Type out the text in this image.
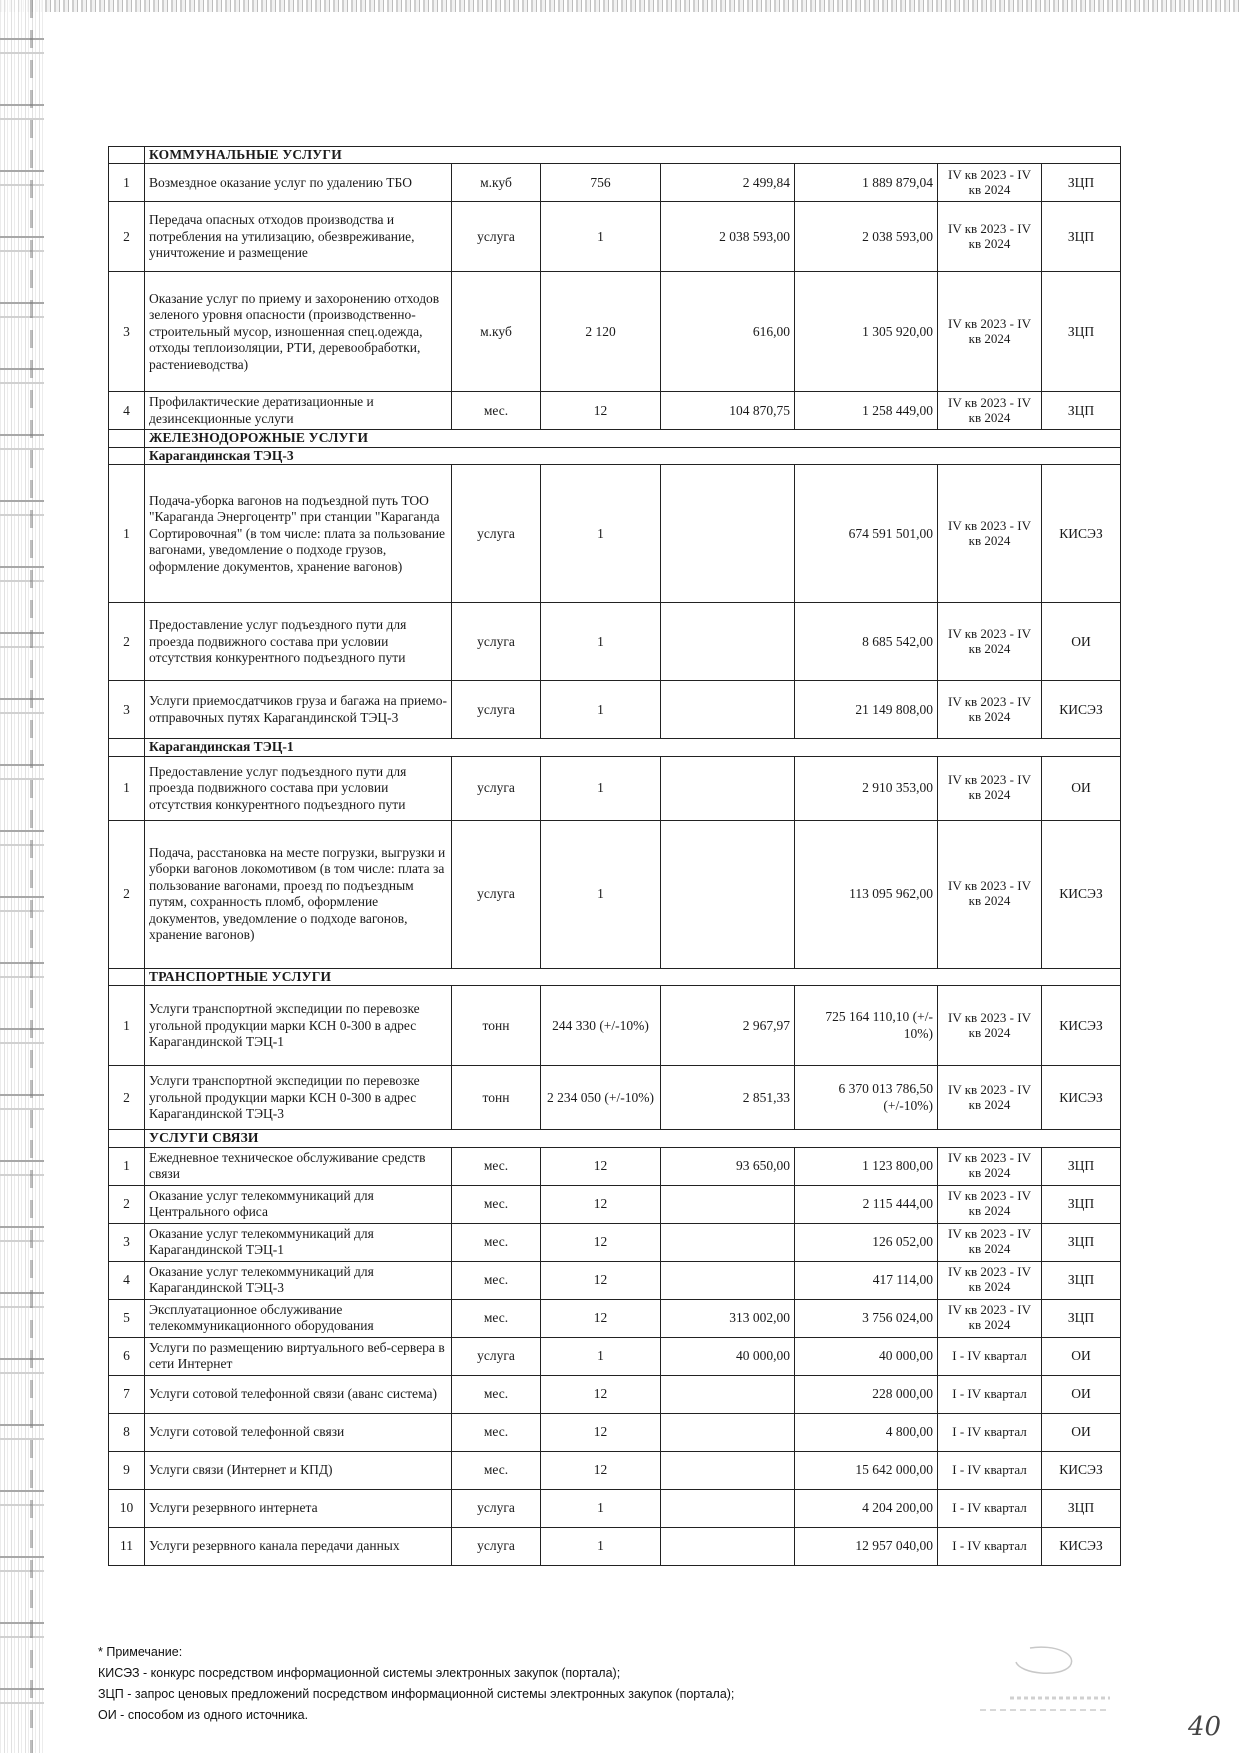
	КОММУНАЛЬНЫЕ УСЛУГИ						
1	Возмездное оказание услуг по удалению ТБО	м.куб	756	2 499,84	1 889 879,04	IV кв 2023 - IV кв 2024	ЗЦП
2	Передача опасных отходов производства и потребления на утилизацию, обезвреживание, уничтожение и размещение	услуга	1	2 038 593,00	2 038 593,00	IV кв 2023 - IV кв 2024	ЗЦП
3	Оказание услуг по приему и захоронению отходов зеленого уровня опасности (производственно-строительный мусор, изношенная спец.одежда, отходы теплоизоляции, РТИ, деревообработки, растениеводства)	м.куб	2 120	616,00	1 305 920,00	IV кв 2023 - IV кв 2024	ЗЦП
4	Профилактические дератизационные и дезинсекционные услуги	мес.	12	104 870,75	1 258 449,00	IV кв 2023 - IV кв 2024	ЗЦП
	ЖЕЛЕЗНОДОРОЖНЫЕ УСЛУГИ						
	Карагандинская ТЭЦ-3						
1	Подача-уборка вагонов на подъездной путь ТОО "Караганда Энергоцентр" при станции "Караганда Сортировочная" (в том числе: плата за пользование вагонами, уведомление о подходе грузов, оформление документов, хранение вагонов)	услуга	1		674 591 501,00	IV кв 2023 - IV кв 2024	КИСЭЗ
2	Предоставление услуг подъездного пути для проезда подвижного состава при условии отсутствия конкурентного подъездного пути	услуга	1		8 685 542,00	IV кв 2023 - IV кв 2024	ОИ
3	Услуги приемосдатчиков груза и багажа на приемо-отправочных путях Карагандинской ТЭЦ-3	услуга	1		21 149 808,00	IV кв 2023 - IV кв 2024	КИСЭЗ
	Карагандинская ТЭЦ-1						
1	Предоставление услуг подъездного пути для проезда подвижного состава при условии отсутствия конкурентного подъездного пути	услуга	1		2 910 353,00	IV кв 2023 - IV кв 2024	ОИ
2	Подача, расстановка на месте погрузки, выгрузки и уборки вагонов локомотивом (в том числе: плата за пользование вагонами, проезд по подъездным путям, сохранность пломб, оформление документов, уведомление о подходе вагонов, хранение вагонов)	услуга	1		113 095 962,00	IV кв 2023 - IV кв 2024	КИСЭЗ
	ТРАНСПОРТНЫЕ УСЛУГИ						
1	Услуги транспортной экспедиции по перевозке угольной продукции марки КСН 0-300 в адрес Карагандинской ТЭЦ-1	тонн	244 330 (+/-10%)	2 967,97	725 164 110,10 (+/- 10%)	IV кв 2023 - IV кв 2024	КИСЭЗ
2	Услуги транспортной экспедиции по перевозке угольной продукции марки КСН 0-300 в адрес Карагандинской ТЭЦ-3	тонн	2 234 050 (+/-10%)	2 851,33	6 370 013 786,50 (+/-10%)	IV кв 2023 - IV кв 2024	КИСЭЗ
	УСЛУГИ СВЯЗИ						
1	Ежедневное техническое обслуживание средств связи	мес.	12	93 650,00	1 123 800,00	IV кв 2023 - IV кв 2024	ЗЦП
2	Оказание услуг телекоммуникаций для Центрального офиса	мес.	12		2 115 444,00	IV кв 2023 - IV кв 2024	ЗЦП
3	Оказание услуг телекоммуникаций для Карагандинской ТЭЦ-1	мес.	12		126 052,00	IV кв 2023 - IV кв 2024	ЗЦП
4	Оказание услуг телекоммуникаций для Карагандинской ТЭЦ-3	мес.	12		417 114,00	IV кв 2023 - IV кв 2024	ЗЦП
5	Эксплуатационное обслуживание телекоммуникационного оборудования	мес.	12	313 002,00	3 756 024,00	IV кв 2023 - IV кв 2024	ЗЦП
6	Услуги по размещению виртуального веб-сервера в сети Интернет	услуга	1	40 000,00	40 000,00	I - IV квартал	ОИ
7	Услуги сотовой телефонной связи (аванс система)	мес.	12		228 000,00	I - IV квартал	ОИ
8	Услуги сотовой телефонной связи	мес.	12		4 800,00	I - IV квартал	ОИ
9	Услуги связи (Интернет и КПД)	мес.	12		15 642 000,00	I - IV квартал	КИСЭЗ
10	Услуги резервного интернета	услуга	1		4 204 200,00	I - IV квартал	ЗЦП
11	Услуги резервного канала передачи данных	услуга	1		12 957 040,00	I - IV квартал	КИСЭЗ
* Примечание:
КИСЭЗ - конкурс посредством информационной системы электронных закупок (портала);
ЗЦП - запрос ценовых предложений посредством информационной системы электронных закупок (портала);
ОИ - способом из одного источника.	40
